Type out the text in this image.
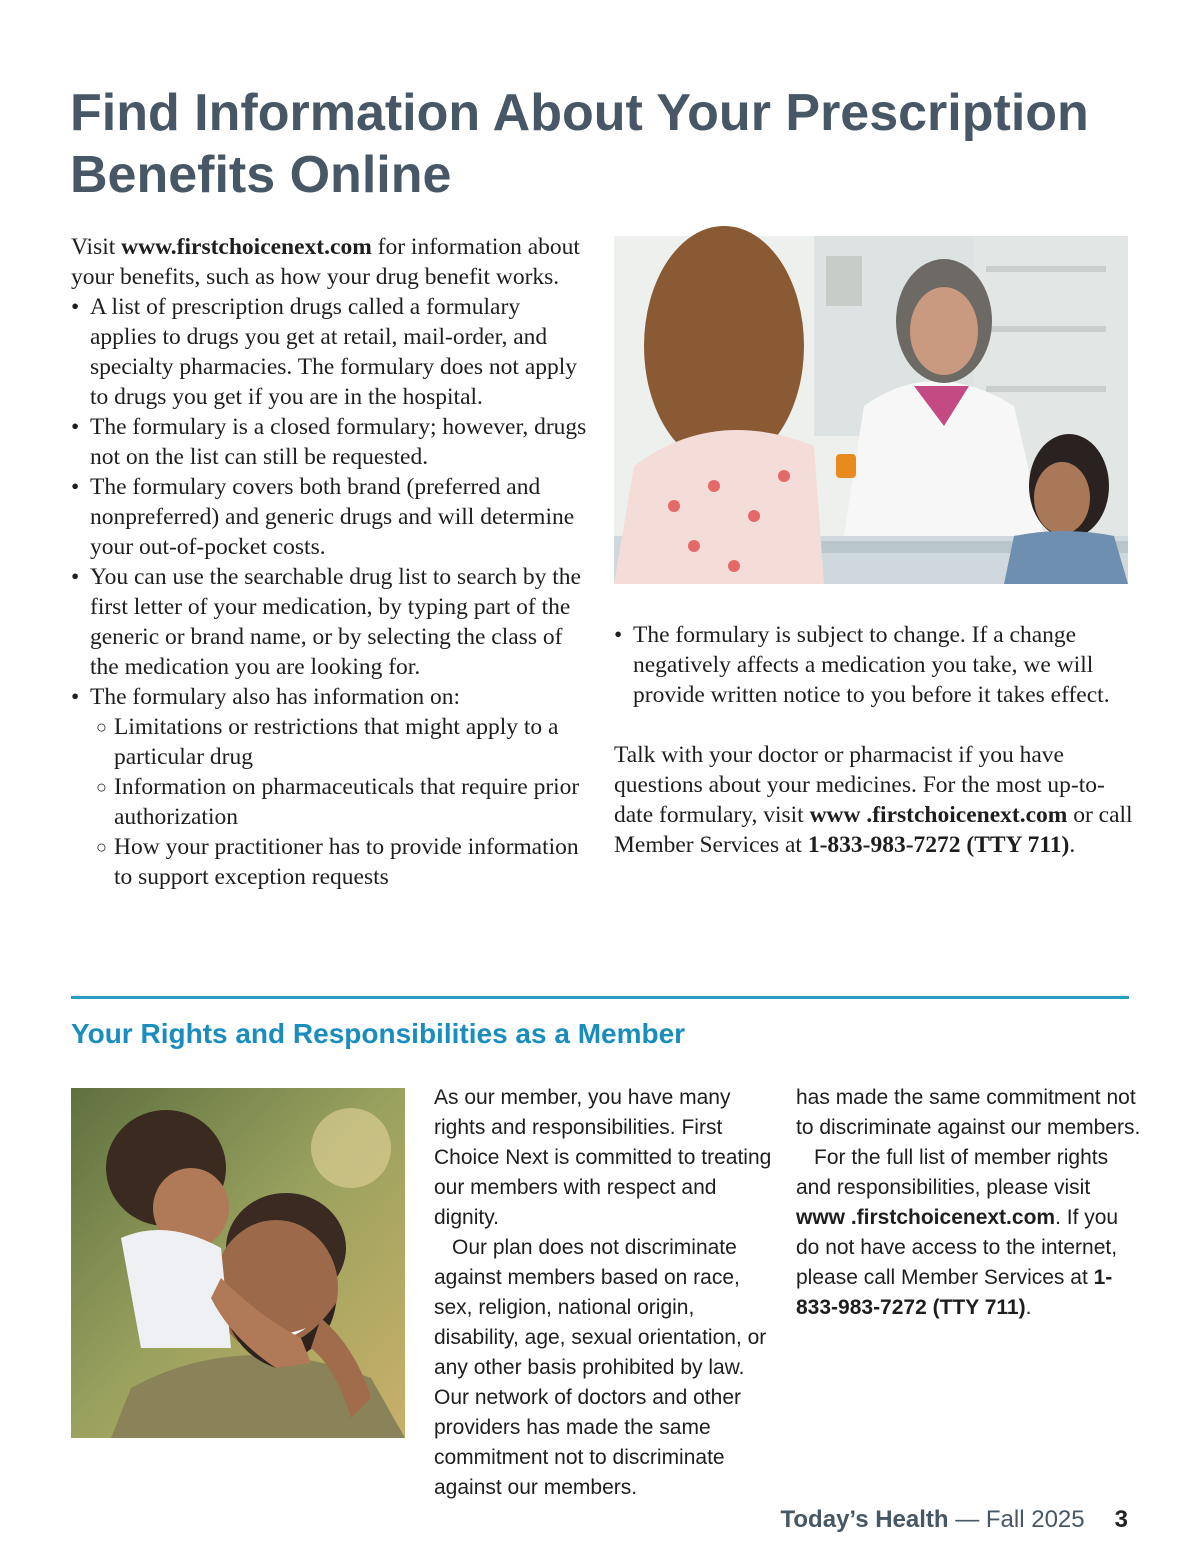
Find Information About Your Prescription
Benefits Online

Visit www.firstchoicenext.com for information about your benefits, such as how your drug benefit works.

• A list of prescription drugs called a formulary applies to drugs you get at retail, mail-order, and specialty pharmacies. The formulary does not apply to drugs you get if you are in the hospital.
• The formulary is a closed formulary; however, drugs not on the list can still be requested.
• The formulary covers both brand (preferred and nonpreferred) and generic drugs and will determine your out-of-pocket costs.
• You can use the searchable drug list to search by the first letter of your medication, by typing part of the generic or brand name, or by selecting the class of the medication you are looking for.
• The formulary also has information on:
○ Limitations or restrictions that might apply to a particular drug
○ Information on pharmaceuticals that require prior authorization
○ How your practitioner has to provide information to support exception requests
• The formulary is subject to change. If a change negatively affects a medication you take, we will provide written notice to you before it takes effect.

Talk with your doctor or pharmacist if you have questions about your medicines. For the most up-to-date formulary, visit www .firstchoicenext.com or call Member Services at 1-833-983-7272 (TTY 711).

Your Rights and Responsibilities as a Member

As our member, you have many rights and responsibilities. First Choice Next is committed to treating our members with respect and dignity.

Our plan does not discriminate against members based on race, sex, religion, national origin, disability, age, sexual orientation, or any other basis prohibited by law. Our network of doctors and other providers has made the same commitment not to discriminate against our members.

has made the same commitment not to discriminate against our members.

For the full list of member rights and responsibilities, please visit www .firstchoicenext.com. If you do not have access to the internet, please call Member Services at 1-833-983-7272 (TTY 711).

Today’s Health — Fall 2025 3
